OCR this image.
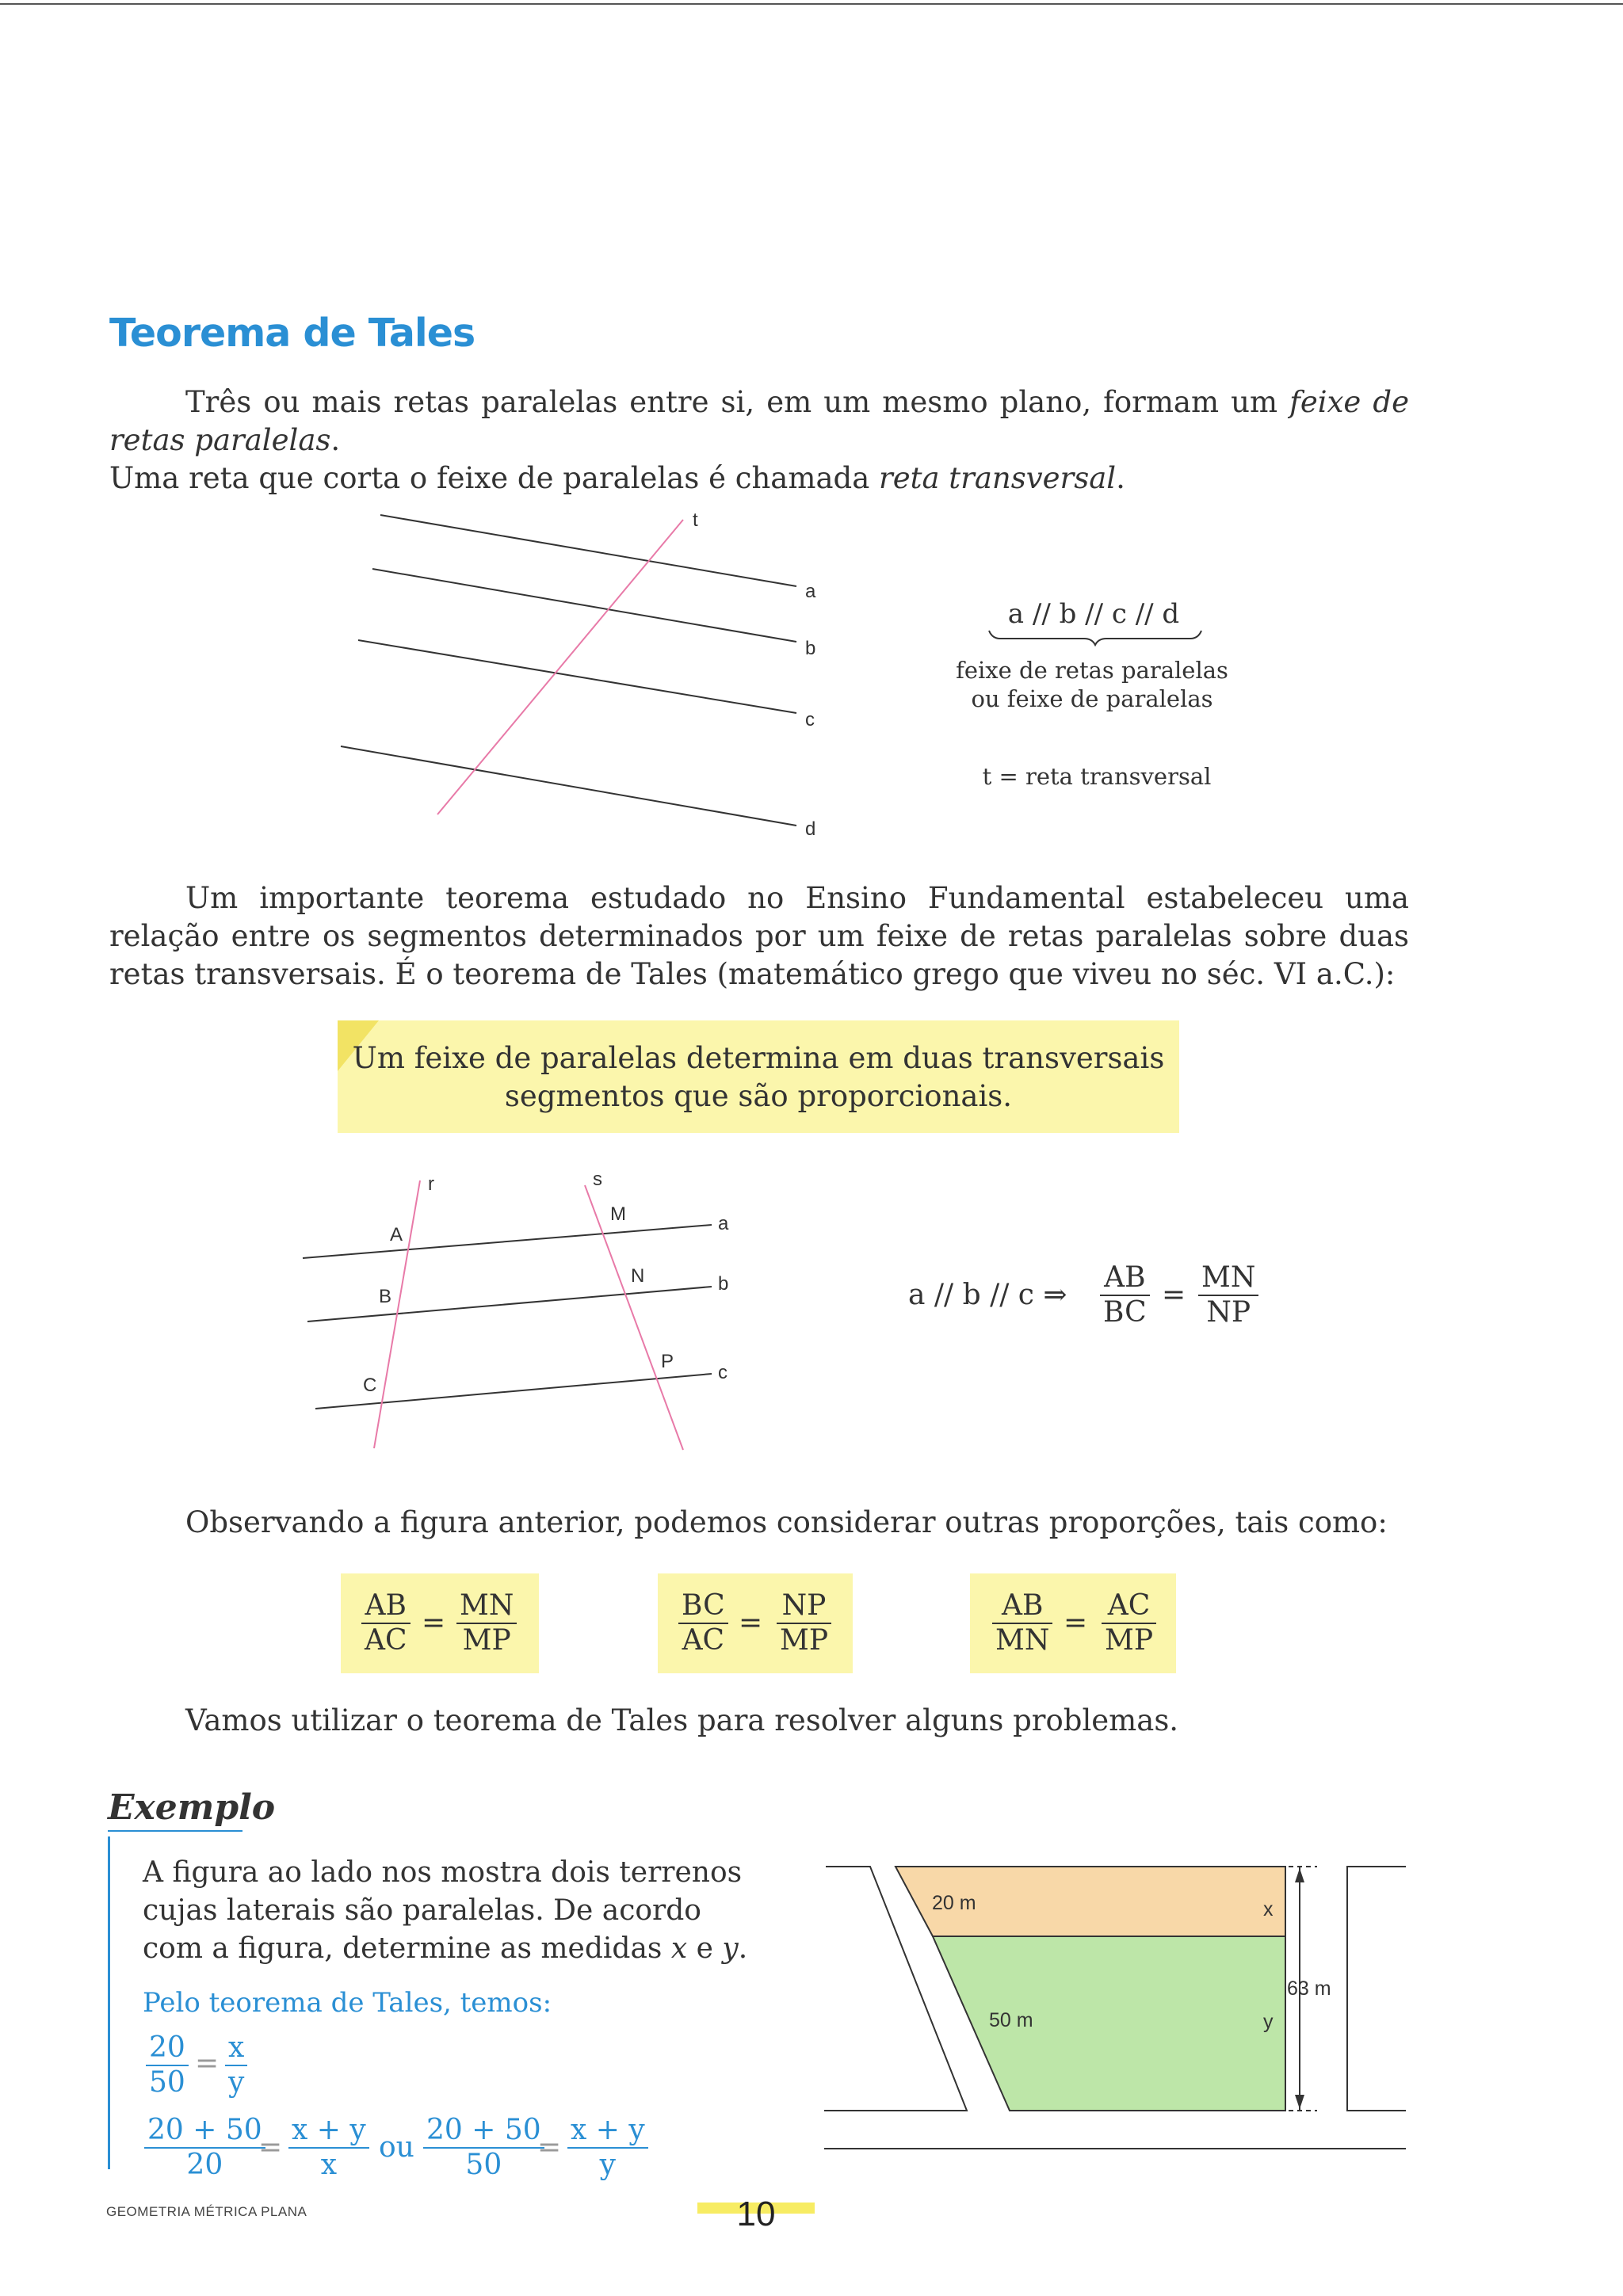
Teorema de Tales
Três ou mais retas paralelas entre si, em um mesmo plano, formam um feixe de retas paralelas.
Uma reta que corta o feixe de paralelas é chamada reta transversal.
t
a
b
c
d
a // b // c // d
feixe de retas paralelas
ou feixe de paralelas
t = reta transversal
Um importante teorema estudado no Ensino Fundamental estabeleceu uma relação entre os segmentos determinados por um feixe de retas paralelas sobre duas retas transversais. É o teorema de Tales (matemático grego que viveu no séc. VI a.C.):
Um feixe de paralelas determina em duas transversais
segmentos que são proporcionais.
r	s
a
b
c
A
B
C
M
N
P
a // b // c ⇒ $\frac{AB}{BC} = \frac{MN}{NP}$
Observando a figura anterior, podemos considerar outras proporções, tais como:
$\frac{AB}{AC} = \frac{MN}{MP}$	$\frac{BC}{AC} = \frac{NP}{MP}$	$\frac{AB}{MN} = \frac{AC}{MP}$
Vamos utilizar o teorema de Tales para resolver alguns problemas.
Exemplo
A figura ao lado nos mostra dois terrenos cujas laterais são paralelas. De acordo com a figura, determine as medidas x e y.
Pelo teorema de Tales, temos:
$\frac{20}{50} = \frac{x}{y}$
$\frac{20 + 50}{20}$
= $\frac{x + y}{x}$ ou $\frac{20 + 50}{50}$
= $\frac{x + y}{y}$
20 m
50 m
x
y
63 m
GEOMETRIA MÉTRICA PLANA	10
